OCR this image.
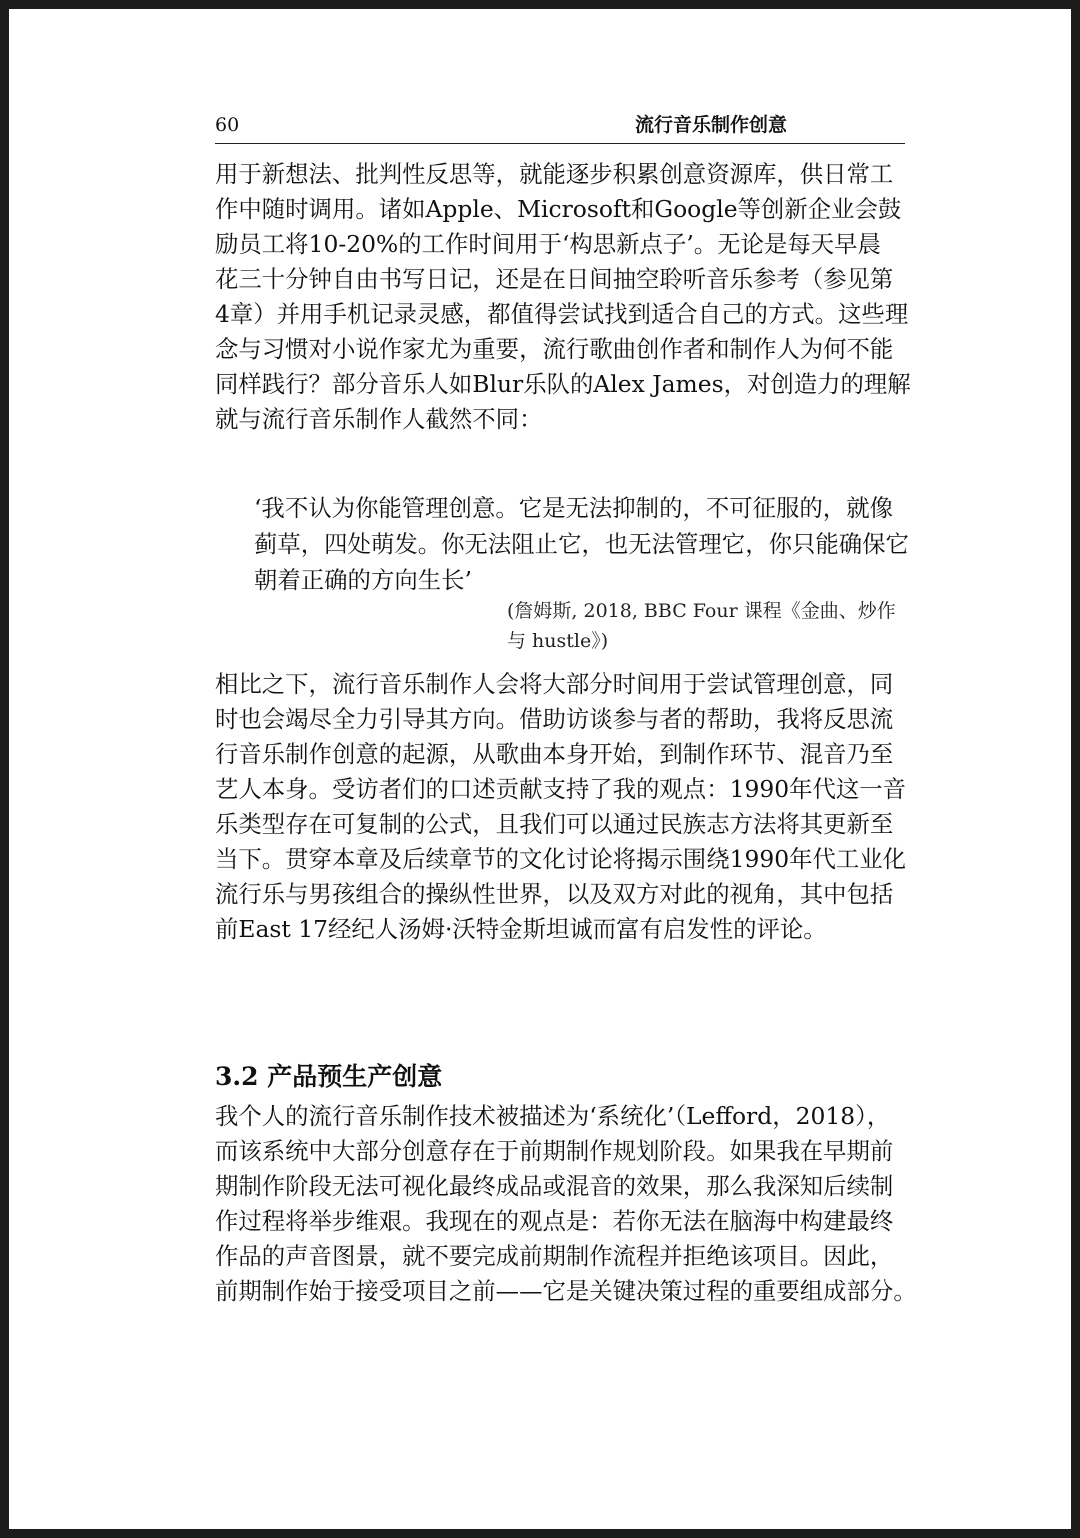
60	流行音乐制作创意

用于新想法、批判性反思等，就能逐步积累创意资源库，供日常工
作中随时调用。诸如Apple、Microsoft和Google等创新企业会鼓
励员工将10-20%的工作时间用于‘构思新点子’。无论是每天早晨
花三十分钟自由书写日记，还是在日间抽空聆听音乐参考（参见第
4章）并用手机记录灵感，都值得尝试找到适合自己的方式。这些理
念与习惯对小说作家尤为重要，流行歌曲创作者和制作人为何不能
同样践行？部分音乐人如Blur乐队的Alex James，对创造力的理解
就与流行音乐制作人截然不同：

‘我不认为你能管理创意。它是无法抑制的，不可征服的，就像
蓟草，四处萌发。你无法阻止它，也无法管理它，你只能确保它
朝着正确的方向生长’
(詹姆斯, 2018, BBC Four 课程《金曲、炒作
与 hustle》)

相比之下，流行音乐制作人会将大部分时间用于尝试管理创意，同
时也会竭尽全力引导其方向。借助访谈参与者的帮助，我将反思流
行音乐制作创意的起源，从歌曲本身开始，到制作环节、混音乃至
艺人本身。受访者们的口述贡献支持了我的观点：1990年代这一音
乐类型存在可复制的公式，且我们可以通过民族志方法将其更新至
当下。贯穿本章及后续章节的文化讨论将揭示围绕1990年代工业化
流行乐与男孩组合的操纵性世界，以及双方对此的视角，其中包括
前East 17经纪人汤姆·沃特金斯坦诚而富有启发性的评论。

3.2 产品预生产创意

我个人的流行音乐制作技术被描述为‘系统化’（Lefford，2018），
而该系统中大部分创意存在于前期制作规划阶段。如果我在早期前
期制作阶段无法可视化最终成品或混音的效果，那么我深知后续制
作过程将举步维艰。我现在的观点是：若你无法在脑海中构建最终
作品的声音图景，就不要完成前期制作流程并拒绝该项目。因此，
前期制作始于接受项目之前——它是关键决策过程的重要组成部分。
